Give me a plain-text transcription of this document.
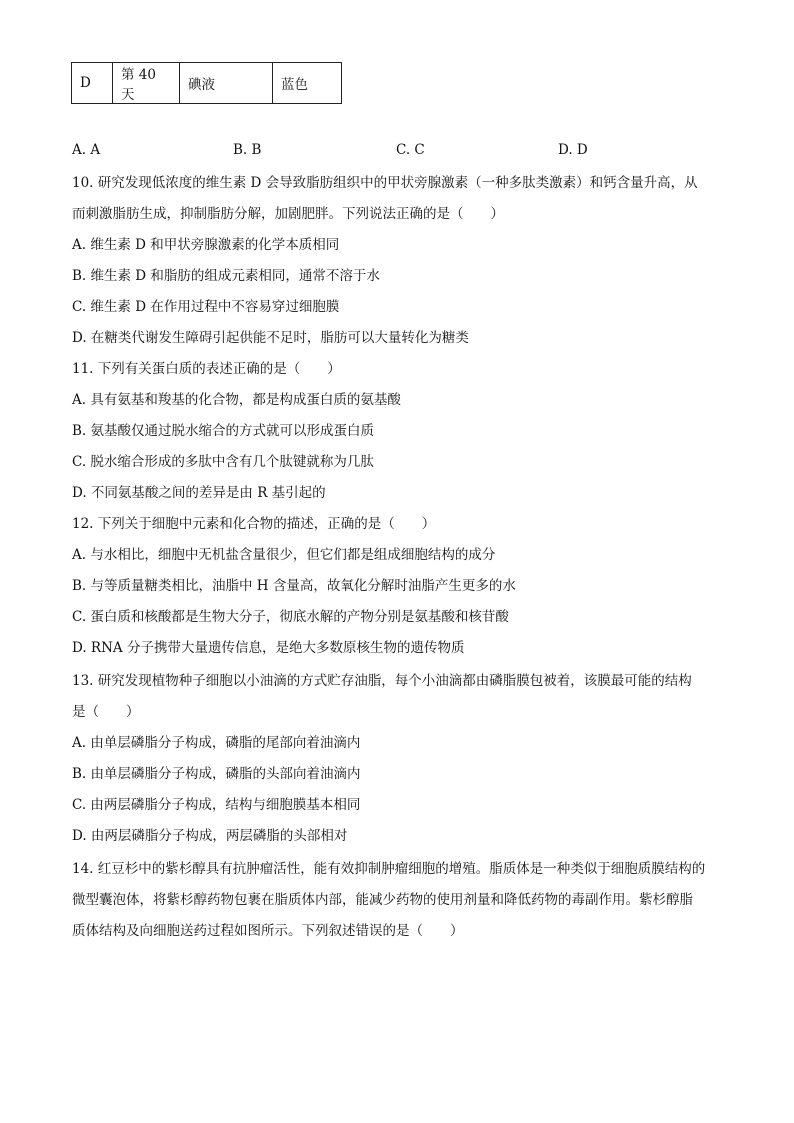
D	第 40 天	碘液	蓝色
A. A	B. B	C. C	D. D
10. 研究发现低浓度的维生素 D 会导致脂肪组织中的甲状旁腺激素（一种多肽类激素）和钙含量升高，从
而刺激脂肪生成，抑制脂肪分解，加剧肥胖。下列说法正确的是（　　）
A. 维生素 D 和甲状旁腺激素的化学本质相同
B. 维生素 D 和脂肪的组成元素相同，通常不溶于水
C. 维生素 D 在作用过程中不容易穿过细胞膜
D. 在糖类代谢发生障碍引起供能不足时，脂肪可以大量转化为糖类
11. 下列有关蛋白质的表述正确的是（　　）
A. 具有氨基和羧基的化合物，都是构成蛋白质的氨基酸
B. 氨基酸仅通过脱水缩合的方式就可以形成蛋白质
C. 脱水缩合形成的多肽中含有几个肽键就称为几肽
D. 不同氨基酸之间的差异是由 R 基引起的
12. 下列关于细胞中元素和化合物的描述，正确的是（　　）
A. 与水相比，细胞中无机盐含量很少，但它们都是组成细胞结构的成分
B. 与等质量糖类相比，油脂中 H 含量高，故氧化分解时油脂产生更多的水
C. 蛋白质和核酸都是生物大分子，彻底水解的产物分别是氨基酸和核苷酸
D. RNA 分子携带大量遗传信息，是绝大多数原核生物的遗传物质
13. 研究发现植物种子细胞以小油滴的方式贮存油脂，每个小油滴都由磷脂膜包被着，该膜最可能的结构
是（　　）
A. 由单层磷脂分子构成，磷脂的尾部向着油滴内
B. 由单层磷脂分子构成，磷脂的头部向着油滴内
C. 由两层磷脂分子构成，结构与细胞膜基本相同
D. 由两层磷脂分子构成，两层磷脂的头部相对
14. 红豆杉中的紫杉醇具有抗肿瘤活性，能有效抑制肿瘤细胞的增殖。脂质体是一种类似于细胞质膜结构的
微型囊泡体，将紫杉醇药物包裹在脂质体内部，能减少药物的使用剂量和降低药物的毒副作用。紫杉醇脂
质体结构及向细胞送药过程如图所示。下列叙述错误的是（　　）
